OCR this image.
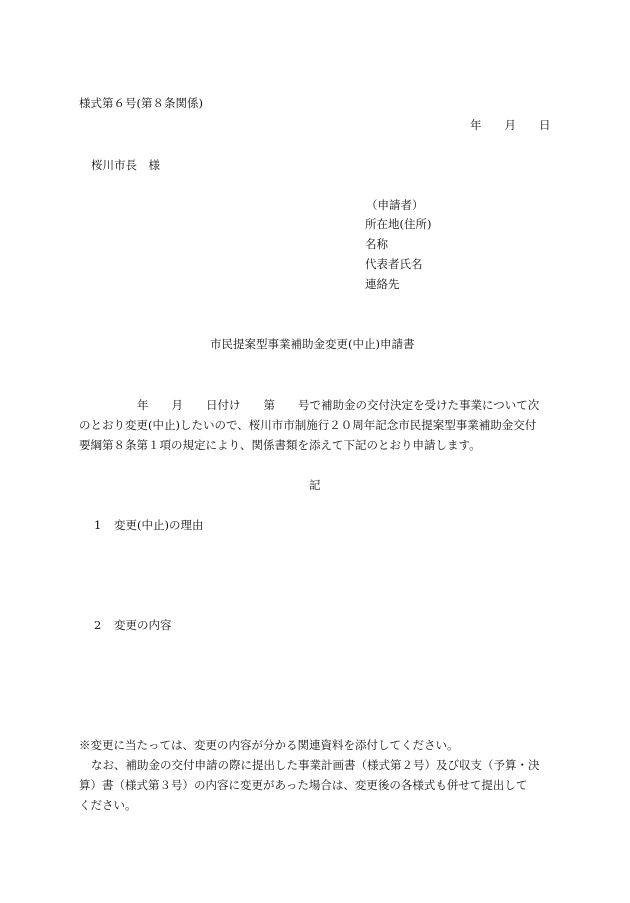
様式第６号(第８条関係)
年　　月　　日
桜川市長　様
（申請者）
所在地(住所)
名称
代表者氏名
連絡先
市民提案型事業補助金変更(中止)申請書
年　　月　　日付け　　第　　号で補助金の交付決定を受けた事業について次
のとおり変更(中止)したいので、桜川市市制施行２０周年記念市民提案型事業補助金交付
要綱第８条第１項の規定により、関係書類を添えて下記のとおり申請します。
記
1 変更(中止)の理由
2 変更の内容
※変更に当たっては、変更の内容が分かる関連資料を添付してください。
なお、補助金の交付申請の際に提出した事業計画書（様式第２号）及び収支（予算・決
算）書（様式第３号）の内容に変更があった場合は、変更後の各様式も併せて提出して
ください。
